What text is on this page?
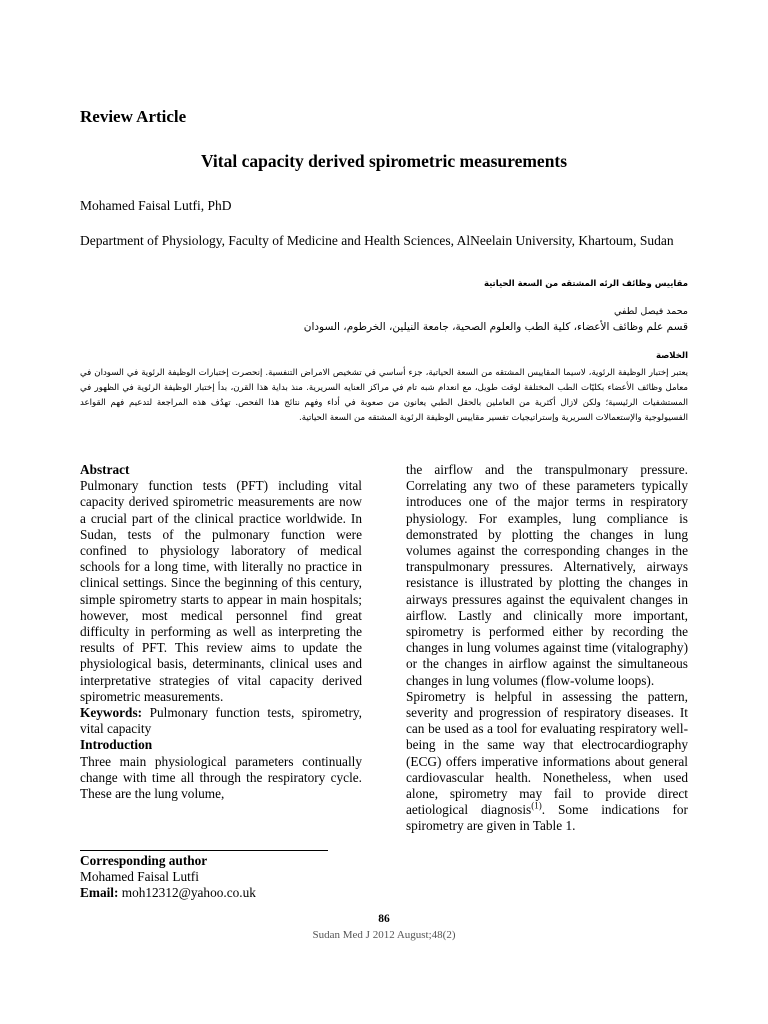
Review Article
Vital capacity derived spirometric measurements
Mohamed Faisal Lutfi, PhD
Department of Physiology, Faculty of Medicine and Health Sciences, AlNeelain University, Khartoum, Sudan
مقاييس وظائف الرئه المشتقه من السعة الحياتية
محمد فيصل لطفي
قسم علم وظائف الأعضاء، كلية الطب والعلوم الصحية، جامعة النيلين، الخرطوم، السودان
الخلاصة
يعتبر إختبار الوظيفة الرئوية، لاسيما المقاييس المشتقه من السعة الحياتية، جزء أساسي في تشخيص الامراض التنفسية. إنحصرت إختبارات الوظيفة الرئوية في السودان في معامل وظائف الأعضاء بكليّات الطب المختلفة لوقت طويل، مع انعدام شبه تام في مراكز العنايه السريرية. منذ بداية هذا القرن، بدأ إختبار الوظيفة الرئوية في الظهور في المستشفيات الرئيسية؛ ولكن لازال أكثرية من العاملين بالحقل الطبي يعانون من صعوبة في أداء وفهم نتائج هذا الفحص. تهدُف هذه المراجعة لتدعيم فهم القواعد الفسيولوجية والإستعمالات السريرية وإستراتيجيات تفسير مقاييس الوظيفة الرئوية المشتقه من السعة الحياتية.

Abstract

Pulmonary function tests (PFT) including vital capacity derived spirometric measurements are now a crucial part of the clinical practice worldwide. In Sudan, tests of the pulmonary function were confined to physiology laboratory of medical schools for a long time, with literally no practice in clinical settings. Since the beginning of this century, simple spirometry starts to appear in main hospitals; however, most medical personnel find great difficulty in performing as well as interpreting the results of PFT. This review aims to update the physiological basis, determinants, clinical uses and interpretative strategies of vital capacity derived spirometric measurements.

Keywords: Pulmonary function tests, spirometry, vital capacity

Introduction

Three main physiological parameters continually change with time all through the respiratory cycle. These are the lung volume,

the airflow and the transpulmonary pressure. Correlating any two of these parameters typically introduces one of the major terms in respiratory physiology. For examples, lung compliance is demonstrated by plotting the changes in lung volumes against the corresponding changes in the transpulmonary pressures. Alternatively, airways resistance is illustrated by plotting the changes in airways pressures against the equivalent changes in airflow. Lastly and clinically more important, spirometry is performed either by recording the changes in lung volumes against time (vitalography) or the changes in airflow against the simultaneous changes in lung volumes (flow-volume loops).

Spirometry is helpful in assessing the pattern, severity and progression of respiratory diseases. It can be used as a tool for evaluating respiratory well-being in the same way that electrocardiography (ECG) offers imperative informations about general cardiovascular health. Nonetheless, when used alone, spirometry may fail to provide direct aetiological diagnosis$^{(1)}$. Some indications for spirometry are given in Table 1.

Corresponding author
Mohamed Faisal Lutfi
Email: moh12312@yahoo.co.uk
86
Sudan Med J 2012 August;48(2)
